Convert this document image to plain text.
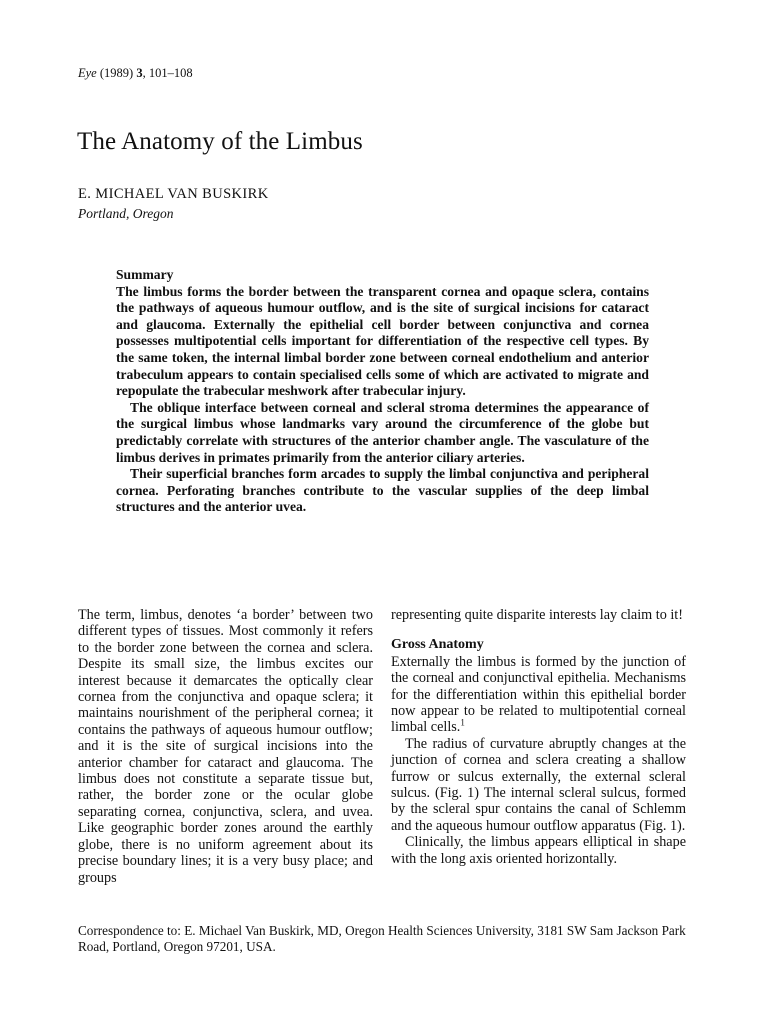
Eye (1989) 3, 101–108
The Anatomy of the Limbus
E. MICHAEL VAN BUSKIRK
Portland, Oregon

Summary

The limbus forms the border between the transparent cornea and opaque sclera, contains the pathways of aqueous humour outflow, and is the site of surgical incisions for cataract and glaucoma. Externally the epithelial cell border between conjunctiva and cornea possesses multipotential cells important for differentiation of the respective cell types. By the same token, the internal limbal border zone between corneal endothelium and anterior trabeculum appears to contain specialised cells some of which are activated to migrate and repopulate the trabecular meshwork after trabecular injury.

The oblique interface between corneal and scleral stroma determines the appearance of the surgical limbus whose landmarks vary around the circumference of the globe but predictably correlate with structures of the anterior chamber angle. The vasculature of the limbus derives in primates primarily from the anterior ciliary arteries.

Their superficial branches form arcades to supply the limbal conjunctiva and peripheral cornea. Perforating branches contribute to the vascular supplies of the deep limbal structures and the anterior uvea.

The term, limbus, denotes ‘a border’ between two different types of tissues. Most commonly it refers to the border zone between the cornea and sclera. Despite its small size, the limbus excites our interest because it demarcates the optically clear cornea from the conjunctiva and opaque sclera; it maintains nourishment of the peripheral cornea; it contains the pathways of aqueous humour outflow; and it is the site of surgical incisions into the anterior chamber for cataract and glaucoma. The limbus does not constitute a separate tissue but, rather, the border zone or the ocular globe separating cornea, conjunctiva, sclera, and uvea. Like geographic border zones around the earthly globe, there is no uniform agreement about its precise boundary lines; it is a very busy place; and groups

representing quite disparite interests lay claim to it!

Gross Anatomy

Externally the limbus is formed by the junction of the corneal and conjunctival epithelia. Mechanisms for the differentiation within this epithelial border now appear to be related to multipotential corneal limbal cells.$^1$

The radius of curvature abruptly changes at the junction of cornea and sclera creating a shallow furrow or sulcus externally, the external scleral sulcus. (Fig. 1) The internal scleral sulcus, formed by the scleral spur contains the canal of Schlemm and the aqueous humour outflow apparatus (Fig. 1).

Clinically, the limbus appears elliptical in shape with the long axis oriented horizontally.

Correspondence to: E. Michael Van Buskirk, MD, Oregon Health Sciences University, 3181 SW Sam Jackson Park Road, Portland, Oregon 97201, USA.
